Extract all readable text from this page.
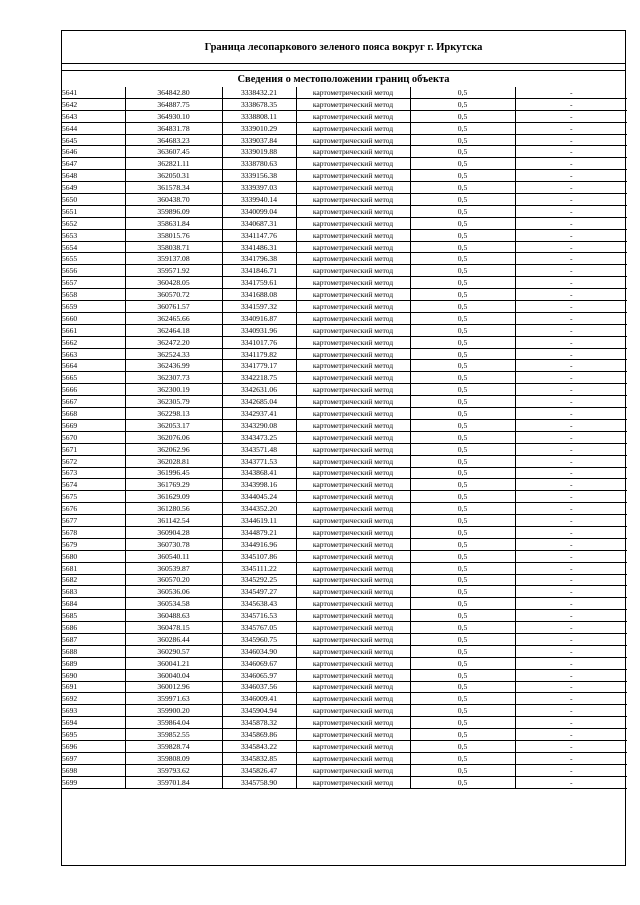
Граница лесопаркового зеленого пояса вокруг г. Иркутска
Сведения о местоположении границ объекта
5641	364842.80	3338432.21	картометрический метод	0,5	-
5642	364887.75	3338678.35	картометрический метод	0,5	-
5643	364930.10	3338808.11	картометрический метод	0,5	-
5644	364831.78	3339010.29	картометрический метод	0,5	-
5645	364683.23	3339037.84	картометрический метод	0,5	-
5646	363607.45	3339019.88	картометрический метод	0,5	-
5647	362821.11	3338780.63	картометрический метод	0,5	-
5648	362050.31	3339156.38	картометрический метод	0,5	-
5649	361578.34	3339397.03	картометрический метод	0,5	-
5650	360438.70	3339940.14	картометрический метод	0,5	-
5651	359896.09	3340099.04	картометрический метод	0,5	-
5652	358631.84	3340687.31	картометрический метод	0,5	-
5653	358015.76	3341147.76	картометрический метод	0,5	-
5654	358038.71	3341486.31	картометрический метод	0,5	-
5655	359137.08	3341796.38	картометрический метод	0,5	-
5656	359571.92	3341846.71	картометрический метод	0,5	-
5657	360428.05	3341759.61	картометрический метод	0,5	-
5658	360570.72	3341688.08	картометрический метод	0,5	-
5659	360761.57	3341597.32	картометрический метод	0,5	-
5660	362465.66	3340916.87	картометрический метод	0,5	-
5661	362464.18	3340931.96	картометрический метод	0,5	-
5662	362472.20	3341017.76	картометрический метод	0,5	-
5663	362524.33	3341179.82	картометрический метод	0,5	-
5664	362436.99	3341779.17	картометрический метод	0,5	-
5665	362307.73	3342218.75	картометрический метод	0,5	-
5666	362300.19	3342631.06	картометрический метод	0,5	-
5667	362305.79	3342685.04	картометрический метод	0,5	-
5668	362298.13	3342937.41	картометрический метод	0,5	-
5669	362053.17	3343290.08	картометрический метод	0,5	-
5670	362076.06	3343473.25	картометрический метод	0,5	-
5671	362062.96	3343571.48	картометрический метод	0,5	-
5672	362028.81	3343771.53	картометрический метод	0,5	-
5673	361996.45	3343868.41	картометрический метод	0,5	-
5674	361769.29	3343998.16	картометрический метод	0,5	-
5675	361629.09	3344045.24	картометрический метод	0,5	-
5676	361280.56	3344352.20	картометрический метод	0,5	-
5677	361142.54	3344619.11	картометрический метод	0,5	-
5678	360904.28	3344879.21	картометрический метод	0,5	-
5679	360730.78	3344916.96	картометрический метод	0,5	-
5680	360540.11	3345107.86	картометрический метод	0,5	-
5681	360539.87	3345111.22	картометрический метод	0,5	-
5682	360570.20	3345292.25	картометрический метод	0,5	-
5683	360536.06	3345497.27	картометрический метод	0,5	-
5684	360534.58	3345638.43	картометрический метод	0,5	-
5685	360488.63	3345716.53	картометрический метод	0,5	-
5686	360478.15	3345767.05	картометрический метод	0,5	-
5687	360286.44	3345960.75	картометрический метод	0,5	-
5688	360290.57	3346034.90	картометрический метод	0,5	-
5689	360041.21	3346069.67	картометрический метод	0,5	-
5690	360040.04	3346065.97	картометрический метод	0,5	-
5691	360012.96	3346037.56	картометрический метод	0,5	-
5692	359971.63	3346009.41	картометрический метод	0,5	-
5693	359900.20	3345904.94	картометрический метод	0,5	-
5694	359864.04	3345878.32	картометрический метод	0,5	-
5695	359852.55	3345869.86	картометрический метод	0,5	-
5696	359828.74	3345843.22	картометрический метод	0,5	-
5697	359808.09	3345832.85	картометрический метод	0,5	-
5698	359793.62	3345826.47	картометрический метод	0,5	-
5699	359701.84	3345758.90	картометрический метод	0,5	-
